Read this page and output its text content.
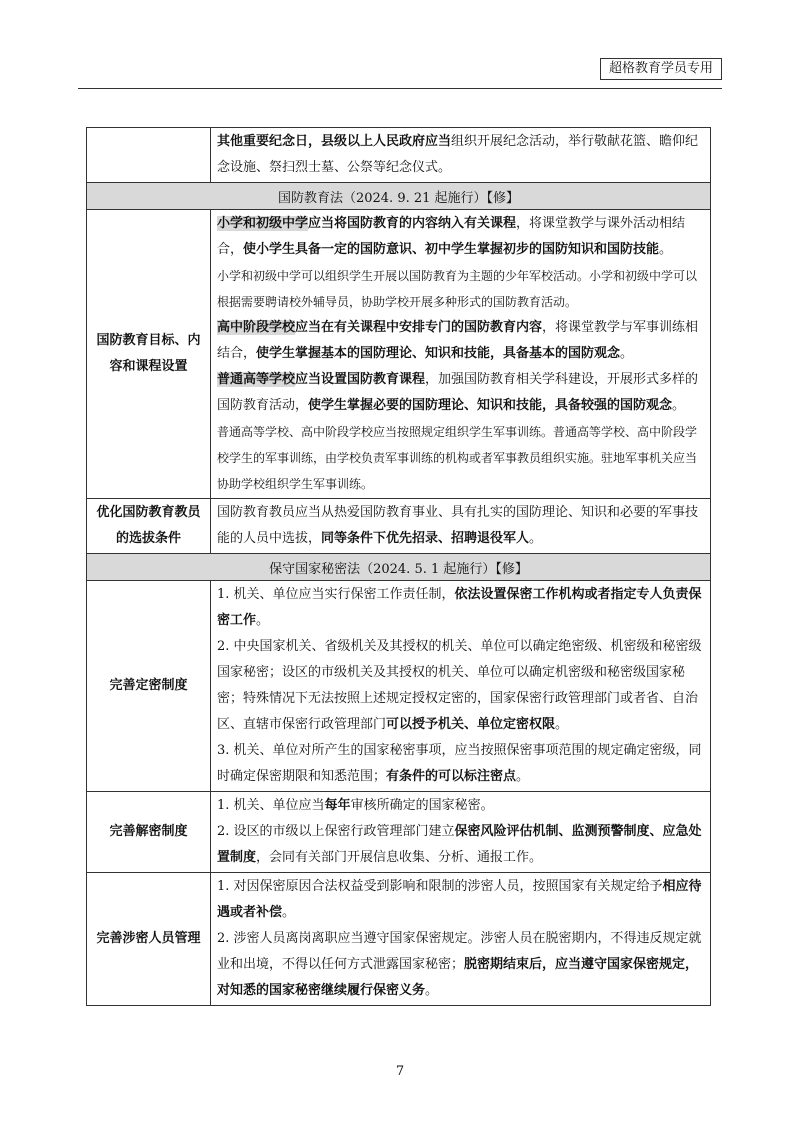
超格教育学员专用

	其他重要纪念日，县级以上人民政府应当组织开展纪念活动，举行敬献花篮、瞻仰纪念设施、祭扫烈士墓、公祭等纪念仪式。

国防教育法（2024. 9. 21 起施行）【修】	
国防教育目标、内容和课程设置	小学和初级中学应当将国防教育的内容纳入有关课程，将课堂教学与课外活动相结合，使小学生具备一定的国防意识、初中学生掌握初步的国防知识和国防技能。

小学和初级中学可以组织学生开展以国防教育为主题的少年军校活动。小学和初级中学可以根据需要聘请校外辅导员，协助学校开展多种形式的国防教育活动。

高中阶段学校应当在有关课程中安排专门的国防教育内容，将课堂教学与军事训练相结合，使学生掌握基本的国防理论、知识和技能，具备基本的国防观念。

普通高等学校应当设置国防教育课程，加强国防教育相关学科建设，开展形式多样的国防教育活动，使学生掌握必要的国防理论、知识和技能，具备较强的国防观念。

普通高等学校、高中阶段学校应当按照规定组织学生军事训练。普通高等学校、高中阶段学校学生的军事训练，由学校负责军事训练的机构或者军事教员组织实施。驻地军事机关应当协助学校组织学生军事训练。

优化国防教育教员的选拔条件	国防教育教员应当从热爱国防教育事业、具有扎实的国防理论、知识和必要的军事技能的人员中选拔，同等条件下优先招录、招聘退役军人。

保守国家秘密法（2024. 5. 1 起施行）【修】	
完善定密制度	1. 机关、单位应当实行保密工作责任制，依法设置保密工作机构或者指定专人负责保密工作。

2. 中央国家机关、省级机关及其授权的机关、单位可以确定绝密级、机密级和秘密级国家秘密；设区的市级机关及其授权的机关、单位可以确定机密级和秘密级国家秘密；特殊情况下无法按照上述规定授权定密的，国家保密行政管理部门或者省、自治区、直辖市保密行政管理部门可以授予机关、单位定密权限。

3. 机关、单位对所产生的国家秘密事项，应当按照保密事项范围的规定确定密级，同时确定保密期限和知悉范围；有条件的可以标注密点。

完善解密制度	1. 机关、单位应当每年审核所确定的国家秘密。

2. 设区的市级以上保密行政管理部门建立保密风险评估机制、监测预警制度、应急处置制度，会同有关部门开展信息收集、分析、通报工作。

完善涉密人员管理	1. 对因保密原因合法权益受到影响和限制的涉密人员，按照国家有关规定给予相应待遇或者补偿。

2. 涉密人员离岗离职应当遵守国家保密规定。涉密人员在脱密期内，不得违反规定就业和出境，不得以任何方式泄露国家秘密；脱密期结束后，应当遵守国家保密规定，对知悉的国家秘密继续履行保密义务。

7
